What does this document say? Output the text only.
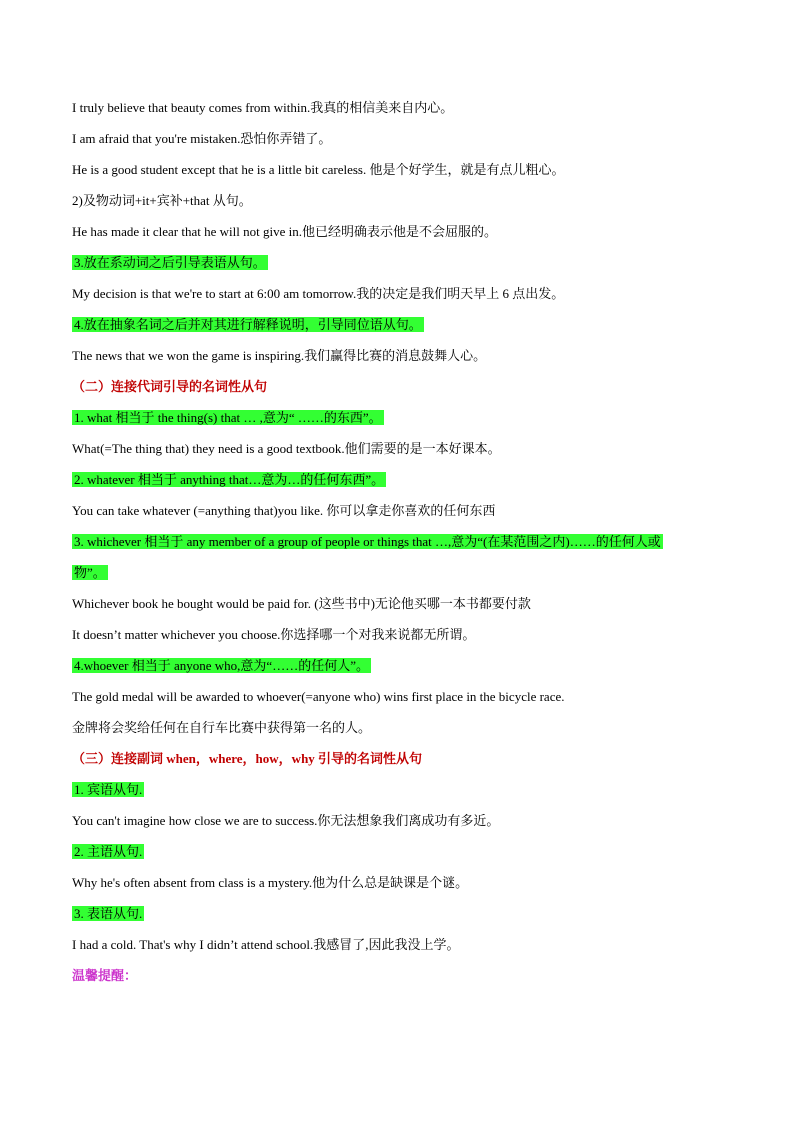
I truly believe that beauty comes from within.我真的相信美来自内心。
I am afraid that you're mistaken.恐怕你弄错了。
He is a good student except that he is a little bit careless. 他是个好学生，就是有点儿粗心。
2)及物动词+it+宾补+that 从句。
He has made it clear that he will not give in.他已经明确表示他是不会屈服的。
3.放在系动词之后引导表语从句。
My decision is that we're to start at 6:00 am tomorrow.我的决定是我们明天早上 6 点出发。
4.放在抽象名词之后并对其进行解释说明，引导同位语从句。
The news that we won the game is inspiring.我们赢得比赛的消息鼓舞人心。
（二）连接代词引导的名词性从句
1. what 相当于 the thing(s) that … ,意为“ ……的东西”。
What(=The thing that) they need is a good textbook.他们需要的是一本好课本。
2. whatever 相当于 anything that…意为…的任何东西”。
You can take whatever (=anything that)you like. 你可以拿走你喜欢的任何东西
3. whichever 相当于 any member of a group of people or things that …,意为“(在某范围之内)……的任何人或
物”。
Whichever book he bought would be paid for. (这些书中)无论他买哪一本书都要付款
It doesn’t matter whichever you choose.你选择哪一个对我来说都无所谓。
4.whoever 相当于 anyone who,意为“……的任何人”。
The gold medal will be awarded to whoever(=anyone who) wins first place in the bicycle race.
金牌将会奖给任何在自行车比赛中获得第一名的人。
（三）连接副词 when，where，how，why 引导的名词性从句
1. 宾语从句.
You can't imagine how close we are to success.你无法想象我们离成功有多近。
2. 主语从句.
Why he's often absent from class is a mystery.他为什么总是缺课是个谜。
3. 表语从句.
I had a cold. That's why I didn’t attend school.我感冒了,因此我没上学。
温馨提醒：
